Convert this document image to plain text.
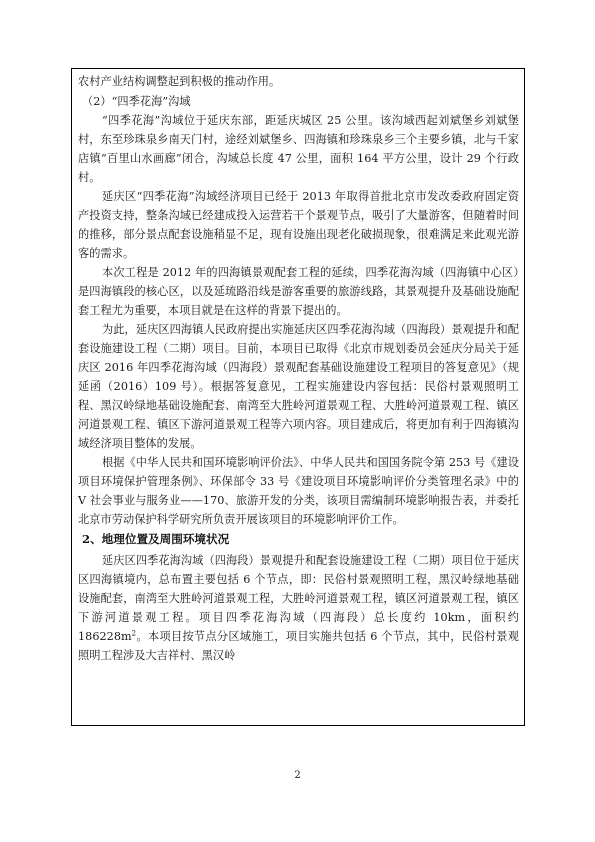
农村产业结构调整起到积极的推动作用。

（2）“四季花海”沟域

“四季花海”沟域位于延庆东部，距延庆城区 25 公里。该沟域西起刘斌堡乡刘斌堡村，东至珍珠泉乡南天门村，途经刘斌堡乡、四海镇和珍珠泉乡三个主要乡镇，北与千家店镇“百里山水画廊”闭合，沟域总长度 47 公里，面积 164 平方公里，设计 29 个行政村。

延庆区“四季花海”沟域经济项目已经于 2013 年取得首批北京市发改委政府固定资产投资支持，整条沟域已经建成投入运营若干个景观节点，吸引了大量游客，但随着时间的推移，部分景点配套设施稍显不足，现有设施出现老化破损现象，很难满足来此观光游客的需求。

本次工程是 2012 年的四海镇景观配套工程的延续，四季花海沟域（四海镇中心区）是四海镇段的核心区，以及延琉路沿线是游客重要的旅游线路，其景观提升及基础设施配套工程尤为重要，本项目就是在这样的背景下提出的。

为此，延庆区四海镇人民政府提出实施延庆区四季花海沟域（四海段）景观提升和配套设施建设工程（二期）项目。目前，本项目已取得《北京市规划委员会延庆分局关于延庆区 2016 年四季花海沟域（四海段）景观配套基础设施建设工程项目的答复意见》（规延函（2016）109 号）。根据答复意见，工程实施建设内容包括：民俗村景观照明工程、黑汉岭绿地基础设施配套、南湾至大胜岭河道景观工程、大胜岭河道景观工程、镇区河道景观工程、镇区下游河道景观工程等六项内容。项目建成后，将更加有利于四海镇沟域经济项目整体的发展。

根据《中华人民共和国环境影响评价法》、中华人民共和国国务院令第 253 号《建设项目环境保护管理条例》、环保部令 33 号《建设项目环境影响评价分类管理名录》中的 V 社会事业与服务业——170、旅游开发的分类，该项目需编制环境影响报告表，并委托北京市劳动保护科学研究所负责开展该项目的环境影响评价工作。

2、地理位置及周围环境状况

延庆区四季花海沟域（四海段）景观提升和配套设施建设工程（二期）项目位于延庆区四海镇境内，总布置主要包括 6 个节点，即：民俗村景观照明工程，黑汉岭绿地基础设施配套，南湾至大胜岭河道景观工程，大胜岭河道景观工程，镇区河道景观工程，镇区下游河道景观工程。项目四季花海沟域（四海段）总长度约 10km，面积约 $186228m^2$。本项目按节点分区域施工，项目实施共包括 6 个节点，其中，民俗村景观照明工程涉及大吉祥村、黑汉岭

2
